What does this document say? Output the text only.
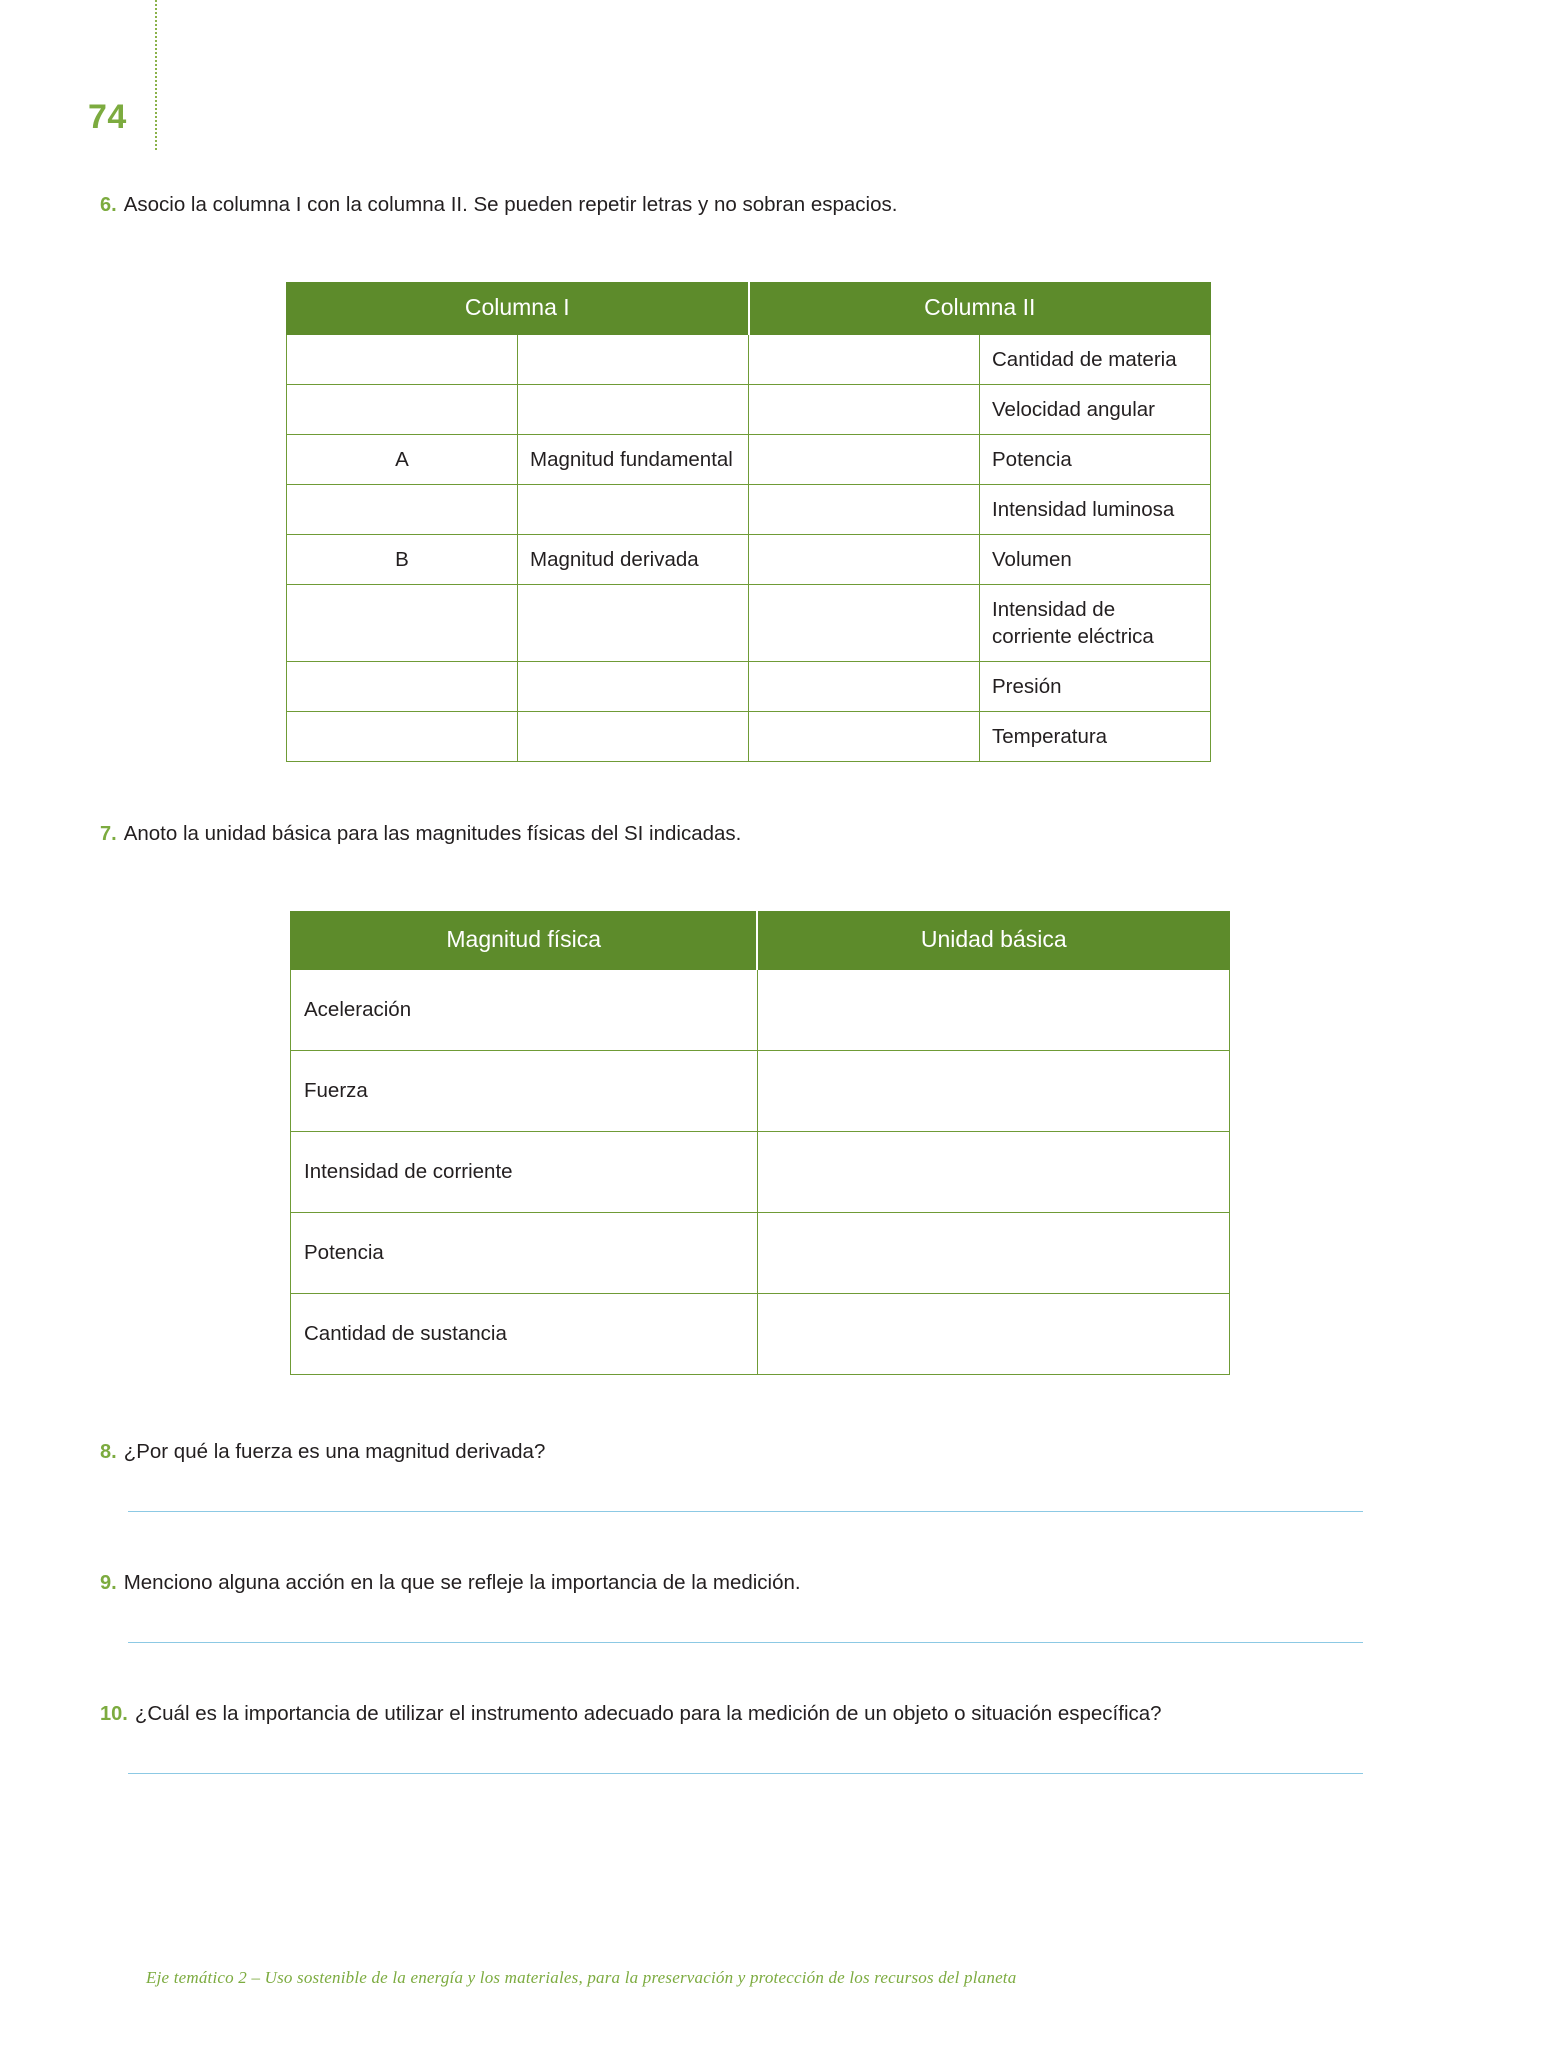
74
6. Asocio la columna I con la columna II. Se pueden repetir letras y no sobran espacios.
Columna I		Columna II	
			Cantidad de materia
			Velocidad angular
A	Magnitud fundamental		Potencia
			Intensidad luminosa
B	Magnitud derivada		Volumen
			Intensidad de corriente eléctrica
			Presión
			Temperatura
7. Anoto la unidad básica para las magnitudes físicas del SI indicadas.
Magnitud física	Unidad básica
Aceleración	
Fuerza	
Intensidad de corriente	
Potencia	
Cantidad de sustancia	
8. ¿Por qué la fuerza es una magnitud derivada?
9. Menciono alguna acción en la que se refleje la importancia de la medición.
10. ¿Cuál es la importancia de utilizar el instrumento adecuado para la medición de un objeto o situación específica?
Eje temático 2 – Uso sostenible de la energía y los materiales, para la preservación y protección de los recursos del planeta
